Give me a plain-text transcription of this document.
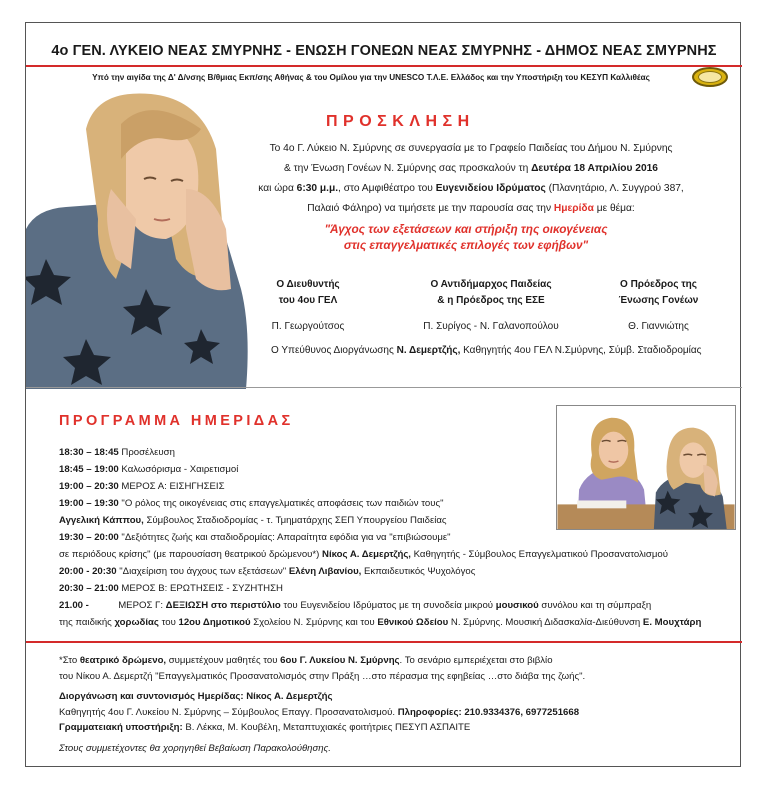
4ο ΓΕΝ. ΛΥΚΕΙΟ ΝΕΑΣ ΣΜΥΡΝΗΣ - ΕΝΩΣΗ ΓΟΝΕΩΝ ΝΕΑΣ ΣΜΥΡΝΗΣ - ΔΗΜΟΣ ΝΕΑΣ ΣΜΥΡΝΗΣ
Υπό την αιγίδα της Δ' Δ/νσης Β/θμιας Εκπ/σης Αθήνας & του Ομίλου για την UNESCO Τ.Λ.Ε. Ελλάδος και την Υποστήριξη του ΚΕΣΥΠ Καλλιθέας
ΠΡΟΣΚΛΗΣΗ
Το 4ο Γ. Λύκειο Ν. Σμύρνης σε συνεργασία με το Γραφείο Παιδείας του Δήμου Ν. Σμύρνης
& την Ένωση Γονέων Ν. Σμύρνης σας προσκαλούν τη Δευτέρα 18 Απριλίου 2016
και ώρα 6:30 μ.μ., στο Αμφιθέατρο του Ευγενιδείου Ιδρύματος (Πλανητάριο, Λ. Συγγρού 387,
Παλαιό Φάληρο) να τιμήσετε με την παρουσία σας την Ημερίδα με θέμα:
"Άγχος των εξετάσεων και στήριξη της οικογένειας
στις επαγγελματικές επιλογές των εφήβων"
Ο Διευθυντής
του 4ου ΓΕΛ
Π. Γεωργούτσος
Ο Αντιδήμαρχος Παιδείας
& η Πρόεδρος της ΕΣΕ
Π. Συρίγος - Ν. Γαλανοπούλου
Ο Πρόεδρος της
Ένωσης Γονέων
Θ. Γιαννιώτης
Ο Υπεύθυνος Διοργάνωσης Ν. Δεμερτζής, Καθηγητής 4ου ΓΕΛ Ν.Σμύρνης, Σύμβ. Σταδιοδρομίας
ΠΡΟΓΡΑΜΜΑ ΗΜΕΡΙΔΑΣ
18:30 – 18:45 Προσέλευση
18:45 – 19:00 Καλωσόρισμα - Χαιρετισμοί
19:00 – 20:30 ΜΕΡΟΣ Α: ΕΙΣΗΓΗΣΕΙΣ
19:00 – 19:30 "Ο ρόλος της οικογένειας στις επαγγελματικές αποφάσεις των παιδιών τους"
Αγγελική Κάππου, Σύμβουλος Σταδιοδρομίας - τ. Τμηματάρχης ΣΕΠ Υπουργείου Παιδείας
19:30 – 20:00 "Δεξιότητες ζωής και σταδιοδρομίας: Απαραίτητα εφόδια για να "επιβιώσουμε"
σε περιόδους κρίσης" (με παρουσίαση θεατρικού δρώμενου*) Νίκος Α. Δεμερτζής, Καθηγητής - Σύμβουλος Επαγγελματικού Προσανατολισμού
20:00 - 20:30 "Διαχείριση του άγχους των εξετάσεων" Ελένη Λιβανίου, Εκπαιδευτικός Ψυχολόγος
20:30 – 21:00 ΜΕΡΟΣ Β: ΕΡΩΤΗΣΕΙΣ - ΣΥΖΗΤΗΣΗ
21.00 -           ΜΕΡΟΣ Γ: ΔΕΞΙΩΣΗ στο περιστύλιο του Ευγενιδείου Ιδρύματος με τη συνοδεία μικρού μουσικού συνόλου και τη σύμπραξη
της παιδικής χορωδίας του 12ου Δημοτικού Σχολείου Ν. Σμύρνης και του Εθνικού Ωδείου Ν. Σμύρνης. Μουσική Διδασκαλία-Διεύθυνση Ε. Μουχτάρη
*Στο θεατρικό δρώμενο, συμμετέχουν μαθητές του 6ου Γ. Λυκείου Ν. Σμύρνης. Το σενάριο εμπεριέχεται στο βιβλίο
του Νίκου Α. Δεμερτζή "Επαγγελματικός Προσανατολισμός στην Πράξη …στο πέρασμα της εφηβείας …στο διάβα της ζωής".
Διοργάνωση και συντονισμός Ημερίδας: Νίκος Α. Δεμερτζής
Καθηγητής 4ου Γ. Λυκείου Ν. Σμύρνης – Σύμβουλος Επαγγ. Προσανατολισμού. Πληροφορίες: 210.9334376, 6977251668
Γραμματειακή υποστήριξη: Β. Λέκκα, Μ. Κουβέλη, Μεταπτυχιακές φοιτήτριες ΠΕΣΥΠ ΑΣΠΑΙΤΕ
Στους συμμετέχοντες θα χορηγηθεί Βεβαίωση Παρακολούθησης.
